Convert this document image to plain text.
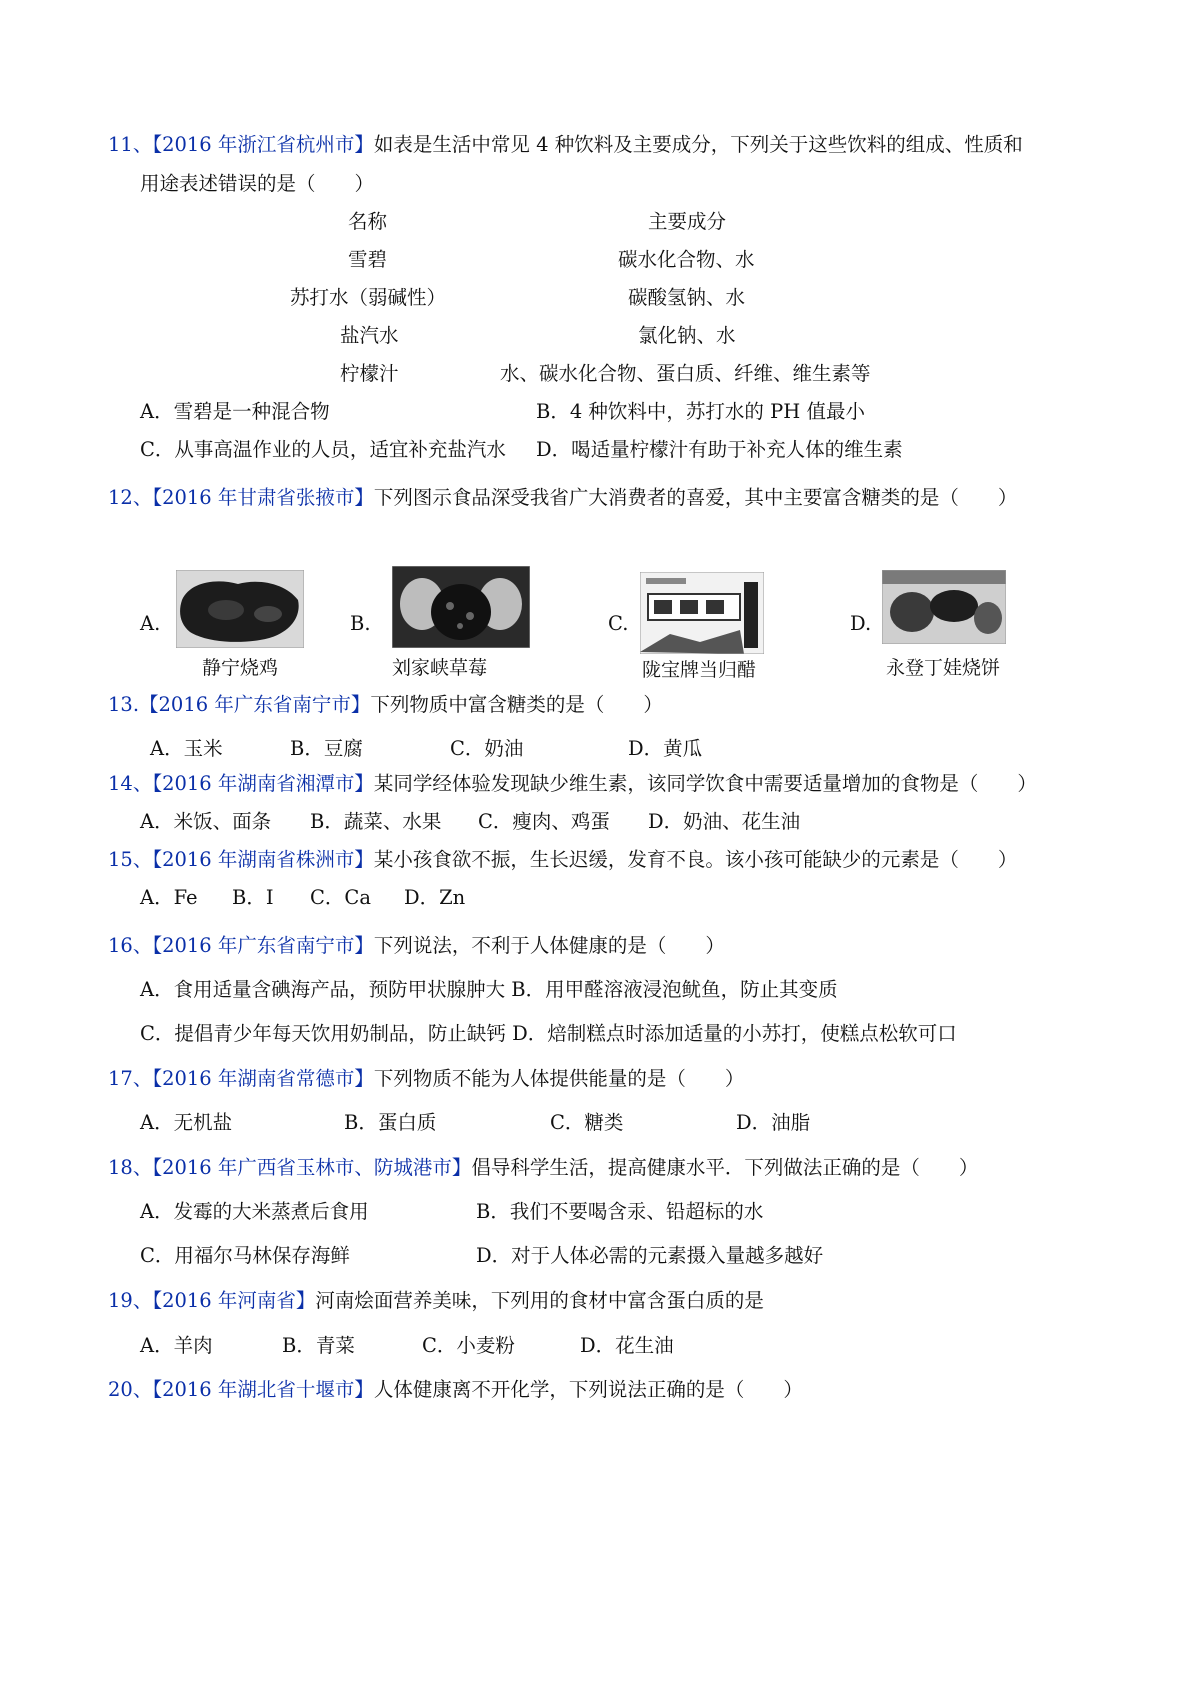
11、【2016 年浙江省杭州市】如表是生活中常见 4 种饮料及主要成分，下列关于这些饮料的组成、性质和
用途表述错误的是（　　）
名称	主要成分
雪碧	碳水化合物、水
苏打水（弱碱性）	碳酸氢钠、水
盐汽水	氯化钠、水
柠檬汁	水、碳水化合物、蛋白质、纤维、维生素等
A．雪碧是一种混合物	B．4 种饮料中，苏打水的 PH 值最小
C．从事高温作业的人员，适宜补充盐汽水 D．喝适量柠檬汁有助于补充人体的维生素
12、【2016 年甘肃省张掖市】下列图示食品深受我省广大消费者的喜爱，其中主要富含糖类的是（　　）
A.
静宁烧鸡
B.
刘家峡草莓
C.
陇宝牌当归醋
D.
永登丁娃烧饼
13.【2016 年广东省南宁市】下列物质中富含糖类的是（　　）
A．玉米	B．豆腐	C．奶油	D．黄瓜
14、【2016 年湖南省湘潭市】某同学经体验发现缺少维生素，该同学饮食中需要适量增加的食物是（　　）
A．米饭、面条 B．蔬菜、水果 C．瘦肉、鸡蛋 D．奶油、花生油
15、【2016 年湖南省株洲市】某小孩食欲不振，生长迟缓，发育不良。该小孩可能缺少的元素是（　　）
A．Fe B．I C．Ca D．Zn
16、【2016 年广东省南宁市】下列说法，不利于人体健康的是（　　）
A．食用适量含碘海产品，预防甲状腺肿大 B．用甲醛溶液浸泡鱿鱼，防止其变质
C．提倡青少年每天饮用奶制品，防止缺钙 D．焙制糕点时添加适量的小苏打，使糕点松软可口
17、【2016 年湖南省常德市】下列物质不能为人体提供能量的是（　　）
A．无机盐	B．蛋白质	C．糖类	D．油脂
18、【2016 年广西省玉林市、防城港市】倡导科学生活，提高健康水平．下列做法正确的是（　　）
A．发霉的大米蒸煮后食用	B．我们不要喝含汞、铅超标的水
C．用福尔马林保存海鲜	D．对于人体必需的元素摄入量越多越好
19、【2016 年河南省】河南烩面营养美味，下列用的食材中富含蛋白质的是
A．羊肉	B．青菜	C．小麦粉	D．花生油
20、【2016 年湖北省十堰市】人体健康离不开化学，下列说法正确的是（　　）
